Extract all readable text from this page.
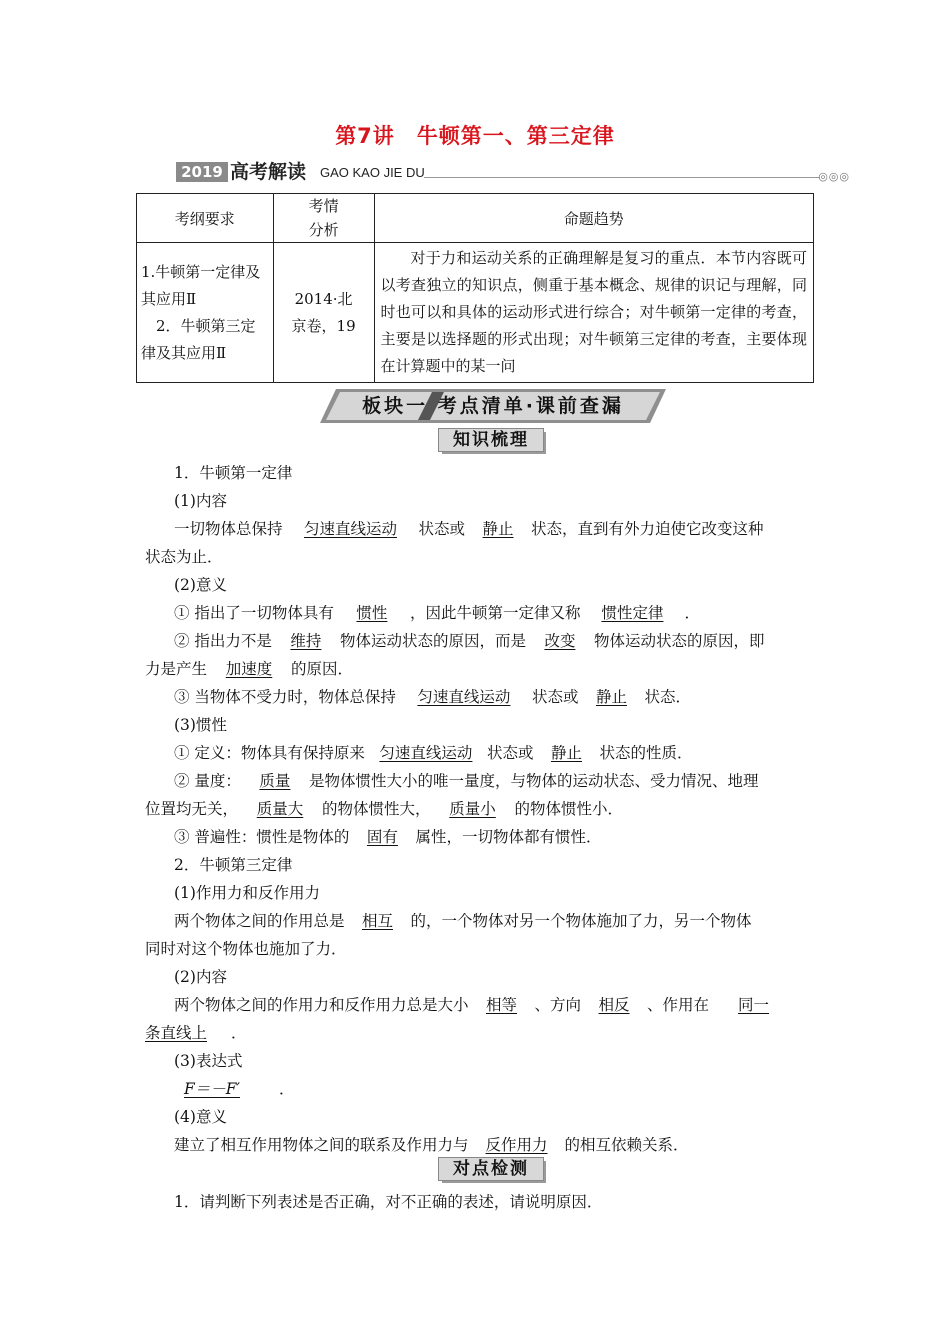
第7讲　牛顿第一、第三定律
2019 高考解读 GAO KAO JIE DU	◎◎◎
考纲要求	考情分析	命题趋势

1.牛顿第一定律及其应用Ⅱ
2．牛顿第三定律及其应用Ⅱ	2014·北京卷，19	对于力和运动关系的正确理解是复习的重点．本节内容既可以考查独立的知识点，侧重于基本概念、规律的识记与理解，同时也可以和具体的运动形式进行综合；对牛顿第一定律的考查，主要是以选择题的形式出现；对牛顿第三定律的考查，主要体现在计算题中的某一问
板块一 考点清单·课前查漏
知识梳理
1．牛顿第一定律
(1)内容
一切物体总保持 匀速直线运动 状态或 静止 状态，直到有外力迫使它改变这种
状态为止．
(2)意义
① 指出了一切物体具有 惯性 ，因此牛顿第一定律又称 惯性定律 ．
② 指出力不是 维持 物体运动状态的原因，而是 改变 物体运动状态的原因，即
力是产生 加速度 的原因．
③ 当物体不受力时，物体总保持 匀速直线运动 状态或 静止 状态．
(3)惯性
① 定义：物体具有保持原来 匀速直线运动 状态或 静止 状态的性质．
② 量度： 质量 是物体惯性大小的唯一量度，与物体的运动状态、受力情况、地理
位置均无关， 质量大 的物体惯性大， 质量小 的物体惯性小．
③ 普遍性：惯性是物体的 固有 属性，一切物体都有惯性．
2．牛顿第三定律
(1)作用力和反作用力
两个物体之间的作用总是 相互 的，一个物体对另一个物体施加了力，另一个物体
同时对这个物体也施加了力．
(2)内容
两个物体之间的作用力和反作用力总是大小 相等 、方向 相反 、作用在 同一
条直线上 ．
(3)表达式
F＝－F′	．
(4)意义
建立了相互作用物体之间的联系及作用力与 反作用力 的相互依赖关系．
对点检测
1．请判断下列表述是否正确，对不正确的表述，请说明原因．
